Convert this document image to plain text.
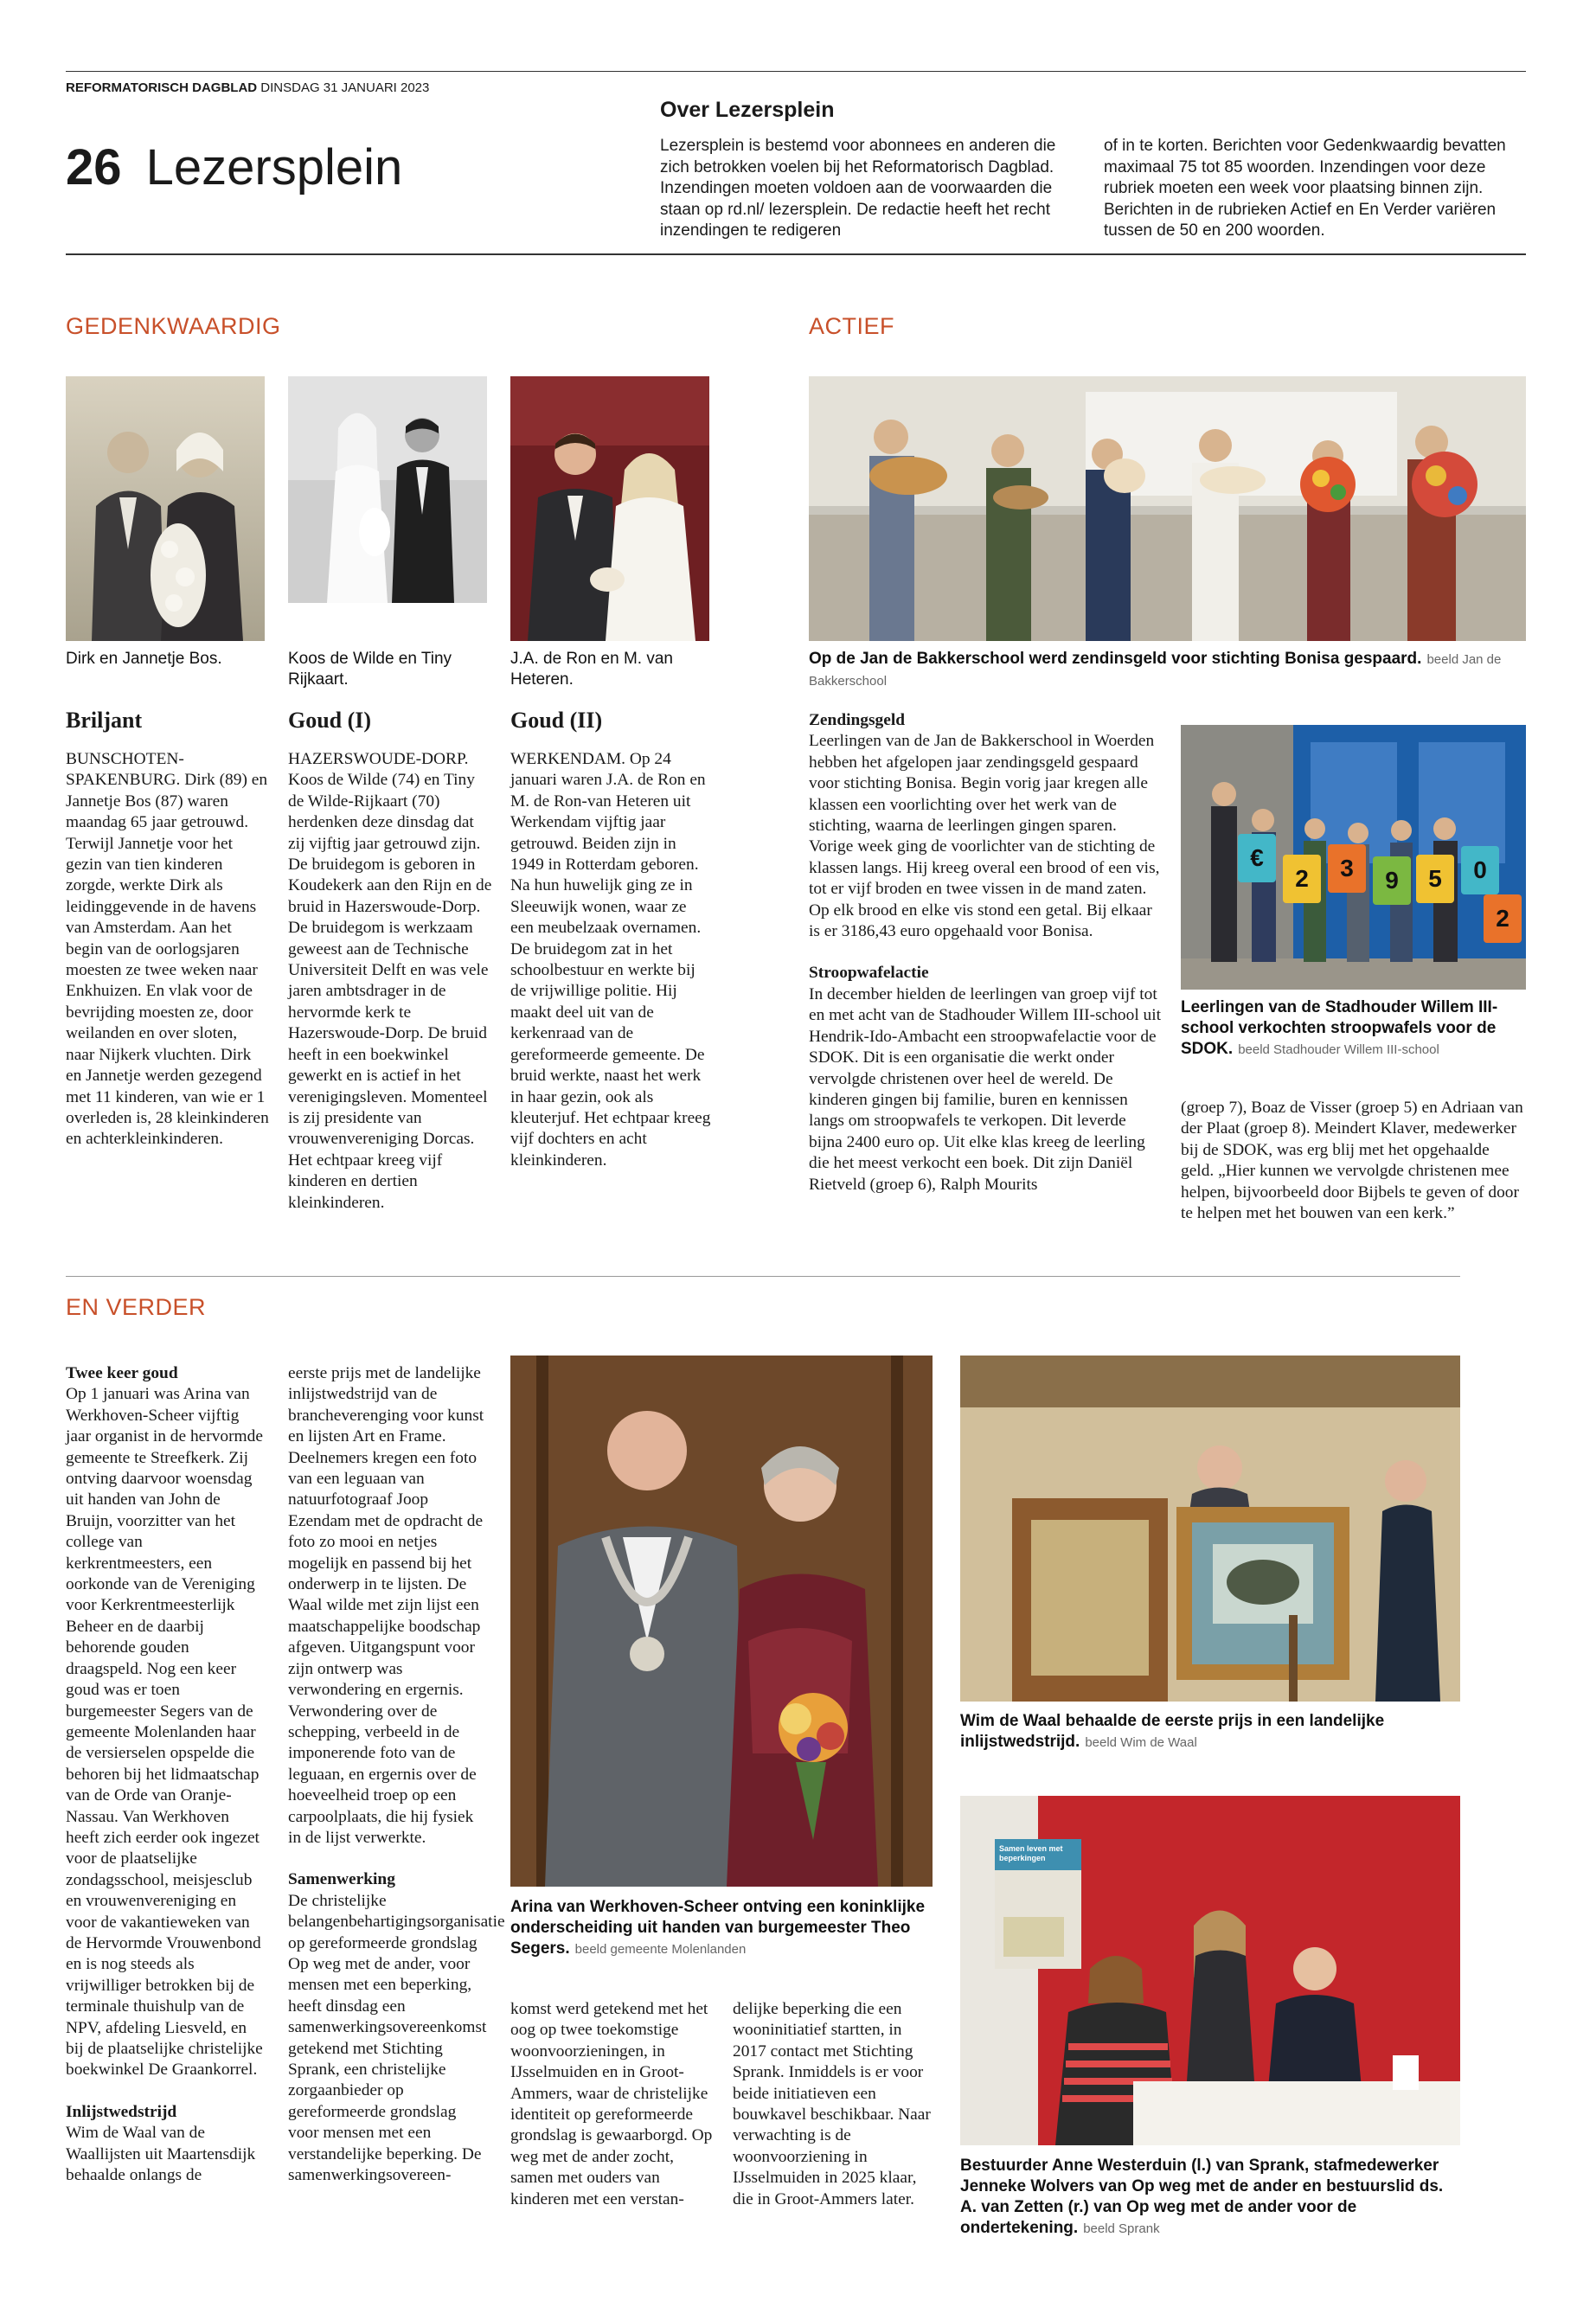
REFORMATORISCH DAGBLAD DINSDAG 31 JANUARI 2023
26 Lezersplein
Over Lezersplein
Lezersplein is bestemd voor abonnees en anderen die zich betrokken voelen bij het Reformatorisch Dagblad. Inzendingen moeten voldoen aan de voorwaarden die staan op rd.nl/ lezersplein. De redactie heeft het recht inzendingen te redigeren
of in te korten. Berichten voor Gedenkwaardig bevatten maximaal 75 tot 85 woorden. Inzendingen voor deze rubriek moeten een week voor plaatsing binnen zijn. Berichten in de rubrieken Actief en En Verder variëren tussen de 50 en 200 woorden.
GEDENKWAARDIG
Dirk en Jannetje Bos.
Briljant
BUNSCHOTEN-SPAKENBURG. Dirk (89) en Jannetje Bos (87) waren maandag 65 jaar getrouwd. Terwijl Jannetje voor het gezin van tien kinderen zorgde, werkte Dirk als leidinggevende in de havens van Amsterdam. Aan het begin van de oorlogsjaren moesten ze twee weken naar Enkhuizen. En vlak voor de bevrijding moesten ze, door weilanden en over sloten, naar Nijkerk vluchten. Dirk en Jannetje werden gezegend met 11 kinderen, van wie er 1 overleden is, 28 kleinkinderen en achterkleinkinderen.
Koos de Wilde en Tiny Rijkaart.
Goud (I)
HAZERSWOUDE-DORP. Koos de Wilde (74) en Tiny de Wilde-Rijkaart (70) herdenken deze dinsdag dat zij vijftig jaar getrouwd zijn. De bruidegom is geboren in Koudekerk aan den Rijn en de bruid in Hazerswoude-Dorp. De bruidegom is werkzaam geweest aan de Technische Universiteit Delft en was vele jaren ambtsdrager in de hervormde kerk te Hazerswoude-Dorp. De bruid heeft in een boekwinkel gewerkt en is actief in het verenigingsleven. Momenteel is zij presidente van vrouwenvereniging Dorcas. Het echtpaar kreeg vijf kinderen en dertien kleinkinderen.
J.A. de Ron en M. van Heteren.
Goud (II)
WERKENDAM. Op 24 januari waren J.A. de Ron en M. de Ron-van Heteren uit Werkendam vijftig jaar getrouwd. Beiden zijn in 1949 in Rotterdam geboren. Na hun huwelijk ging ze in Sleeuwijk wonen, waar ze een meubelzaak overnamen. De bruidegom zat in het schoolbestuur en werkte bij de vrijwillige politie. Hij maakt deel uit van de kerkenraad van de gereformeerde gemeente. De bruid werkte, naast het werk in haar gezin, ook als kleuterjuf. Het echtpaar kreeg vijf dochters en acht kleinkinderen.
ACTIEF
Op de Jan de Bakkerschool werd zendinsgeld voor stichting Bonisa gespaard. beeld Jan de Bakkerschool

Zendingsgeld

Leerlingen van de Jan de Bakkerschool in Woerden hebben het afgelopen jaar zendingsgeld gespaard voor stichting Bonisa. Begin vorig jaar kregen alle klassen een voorlichting over het werk van de stichting, waarna de leerlingen gingen sparen. Vorige week ging de voorlichter van de stichting de klassen langs. Hij kreeg overal een brood of een vis, tot er vijf broden en twee vissen in de mand zaten. Op elk brood en elke vis stond een getal. Bij elkaar is er 3186,43 euro opgehaald voor Bonisa.

Stroopwafelactie

In december hielden de leerlingen van groep vijf tot en met acht van de Stadhouder Willem III-school uit Hendrik-Ido-Ambacht een stroopwafelactie voor de SDOK. Dit is een organisatie die werkt onder vervolgde christenen over heel de wereld. De kinderen gingen bij familie, buren en kennissen langs om stroopwafels te verkopen. Dit leverde bijna 2400 euro op. Uit elke klas kreeg de leerling die het meest verkocht een boek. Dit zijn Daniël Rietveld (groep 6), Ralph Mourits

€
2	3	9	5	0
2
Leerlingen van de Stadhouder Willem III-school verkochten stroopwafels voor de SDOK. beeld Stadhouder Willem III-school
(groep 7), Boaz de Visser (groep 5) en Adriaan van der Plaat (groep 8). Meindert Klaver, medewerker bij de SDOK, was erg blij met het opgehaalde geld. „Hier kunnen we vervolgde christenen mee helpen, bijvoorbeeld door Bijbels te geven of door te helpen met het bouwen van een kerk.”
EN VERDER

Twee keer goud

Op 1 januari was Arina van Werkhoven-Scheer vijftig jaar organist in de hervormde gemeente te Streefkerk. Zij ontving daarvoor woensdag uit handen van John de Bruijn, voorzitter van het college van kerkrentmeesters, een oorkonde van de Vereniging voor Kerkrentmeesterlijk Beheer en de daarbij behorende gouden draagspeld. Nog een keer goud was er toen burgemeester Segers van de gemeente Molenlanden haar de versierselen opspelde die behoren bij het lidmaatschap van de Orde van Oranje-Nassau. Van Werkhoven heeft zich eerder ook ingezet voor de plaatselijke zondagsschool, meisjesclub en vrouwenvereniging en voor de vakantieweken van de Hervormde Vrouwenbond en is nog steeds als vrijwilliger betrokken bij de terminale thuishulp van de NPV, afdeling Liesveld, en bij de plaatselijke christelijke boekwinkel De Graankorrel.

Inlijstwedstrijd

Wim de Waal van de Waallijsten uit Maartensdijk behaalde onlangs de

eerste prijs met de landelijke inlijstwedstrijd van de brancheverenging voor kunst en lijsten Art en Frame. Deelnemers kregen een foto van een leguaan van natuurfotograaf Joop Ezendam met de opdracht de foto zo mooi en netjes mogelijk en passend bij het onderwerp in te lijsten. De Waal wilde met zijn lijst een maatschappelijke boodschap afgeven. Uitgangspunt voor zijn ontwerp was verwondering en ergernis. Verwondering over de schepping, verbeeld in de imponerende foto van de leguaan, en ergernis over de hoeveelheid troep op een carpoolplaats, die hij fysiek in de lijst verwerkte.

Samenwerking

De christelijke belangenbehartigingsorganisatie op gereformeerde grondslag Op weg met de ander, voor mensen met een beperking, heeft dinsdag een samenwerkingsovereenkomst getekend met Stichting Sprank, een christelijke zorgaanbieder op gereformeerde grondslag voor mensen met een verstandelijke beperking. De samenwerkingsovereen-

Arina van Werkhoven-Scheer ontving een koninklijke onderscheiding uit handen van burgemeester Theo Segers. beeld gemeente Molenlanden
komst werd getekend met het oog op twee toekomstige woonvoorzieningen, in IJsselmuiden en in Groot-Ammers, waar de christelijke identiteit op gereformeerde grondslag is gewaarborgd. Op weg met de ander zocht, samen met ouders van kinderen met een verstan-
delijke beperking die een wooninitiatief startten, in 2017 contact met Stichting Sprank. Inmiddels is er voor beide initiatieven een bouwkavel beschikbaar. Naar verwachting is de woonvoorziening in IJsselmuiden in 2025 klaar, die in Groot-Ammers later.
Wim de Waal behaalde de eerste prijs in een landelijke inlijstwedstrijd. beeld Wim de Waal
Samen leven met beperkingen
Bestuurder Anne Westerduin (l.) van Sprank, stafmedewerker Jenneke Wolvers van Op weg met de ander en bestuurslid ds. A. van Zetten (r.) van Op weg met de ander voor de ondertekening. beeld Sprank
